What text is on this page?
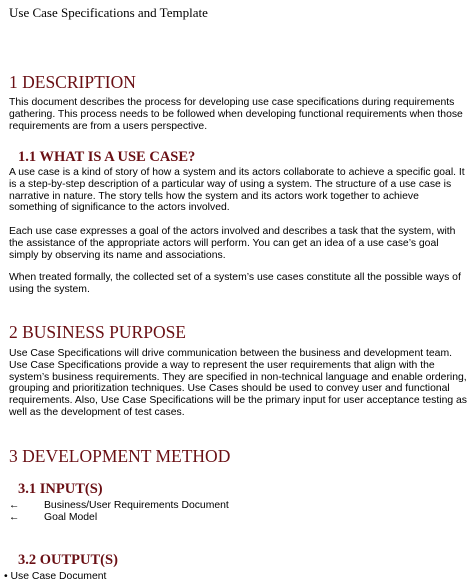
Use Case Specifications and Template
1 DESCRIPTION

This document describes the process for developing use case specifications during requirements gathering. This process needs to be followed when developing functional requirements when those requirements are from a users perspective.

1.1 WHAT IS A USE CASE?

A use case is a kind of story of how a system and its actors collaborate to achieve a specific goal. It is a step-by-step description of a particular way of using a system. The structure of a use case is narrative in nature. The story tells how the system and its actors work together to achieve something of significance to the actors involved.

Each use case expresses a goal of the actors involved and describes a task that the system, with the assistance of the appropriate actors will perform. You can get an idea of a use case’s goal simply by observing its name and associations.

When treated formally, the collected set of a system’s use cases constitute all the possible ways of using the system.

2 BUSINESS PURPOSE

Use Case Specifications will drive communication between the business and development team. Use Case Specifications provide a way to represent the user requirements that align with the system’s business requirements. They are specified in non-technical language and enable ordering, grouping and prioritization techniques. Use Cases should be used to convey user and functional requirements. Also, Use Case Specifications will be the primary input for user acceptance testing as well as the development of test cases.

3 DEVELOPMENT METHOD
3.1 INPUT(S)
← Business/User Requirements Document
← Goal Model
3.2 OUTPUT(S)
• Use Case Document
